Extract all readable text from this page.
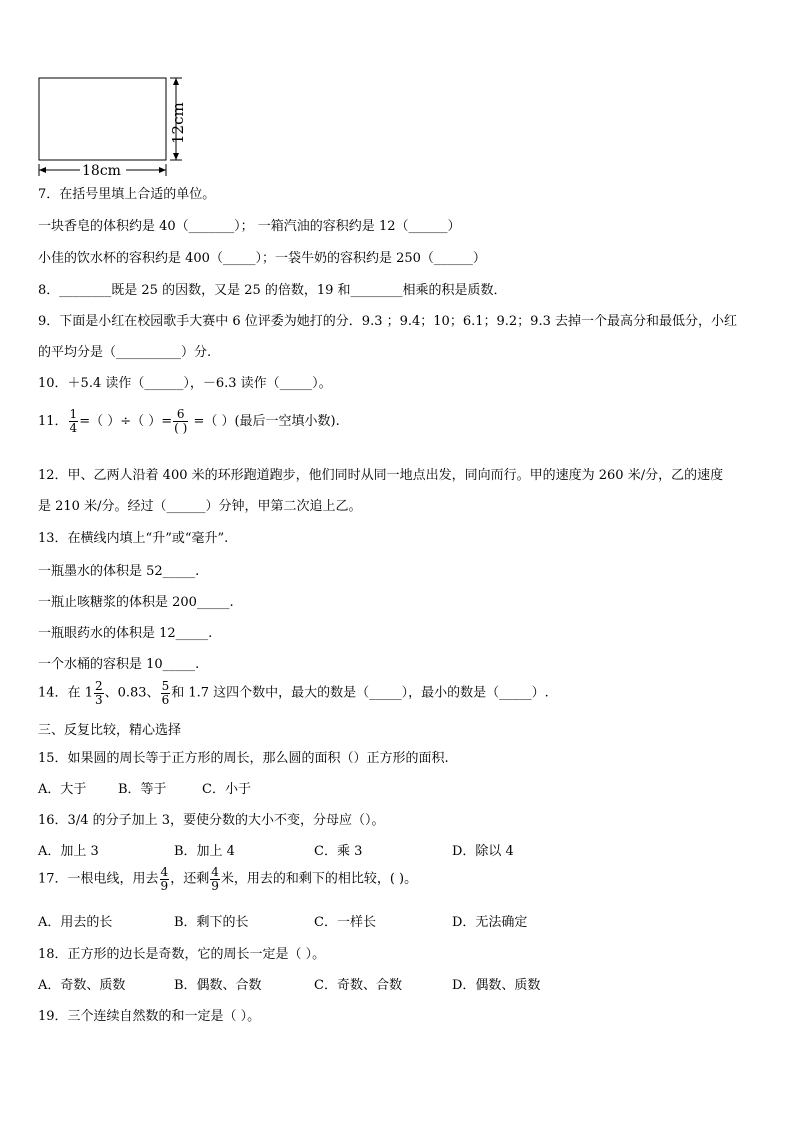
12cm
18cm
7．在括号里填上合适的单位。
一块香皂的体积约是 40（_______）； 一箱汽油的容积约是 12（______）
小佳的饮水杯的容积约是 400（_____）；一袋牛奶的容积约是 250（______）
8．________既是 25 的因数，又是 25 的倍数，19 和________相乘的积是质数．
9．下面是小红在校园歌手大赛中 6 位评委为她打的分．9.3 ；9.4；10；6.1；9.2；9.3 去掉一个最高分和最低分，小红
的平均分是（__________）分.
10．＋5.4 读作（______），－6.3 读作（_____）。
11． $\frac{1}{4}$ =（ ）÷（ ）= $\frac{6}{( )}$ =（ ）(最后一空填小数).
12．甲、乙两人沿着 400 米的环形跑道跑步，他们同时从同一地点出发，同向而行。甲的速度为 260 米/分，乙的速度
是 210 米/分。经过（______）分钟，甲第二次追上乙。
13．在横线内填上“升”或“毫升”.
一瓶墨水的体积是 52_____.
一瓶止咳糖浆的体积是 200_____.
一瓶眼药水的体积是 12_____.
一个水桶的容积是 10_____.
14．在 $1 \frac{2}{3}$ 、0.83、 $\frac{5}{6}$ 和 1.7 这四个数中，最大的数是（_____），最小的数是（_____）.
三、反复比较，精心选择
15．如果圆的周长等于正方形的周长，那么圆的面积（）正方形的面积.
A．大于 B．等于	C．小于
16．3/4 的分子加上 3，要使分数的大小不变，分母应（）。
A．加上 3	B．加上 4	C．乘 3	D．除以 4
17．一根电线，用去 $\frac{4}{9}$ ，还剩 $\frac{4}{9}$ 米，用去的和剩下的相比较，( )。
A．用去的长	B．剩下的长	C．一样长	D．无法确定
18．正方形的边长是奇数，它的周长一定是（ ）。
A．奇数、质数	B．偶数、合数	C．奇数、合数	D．偶数、质数
19．三个连续自然数的和一定是（ ）。
